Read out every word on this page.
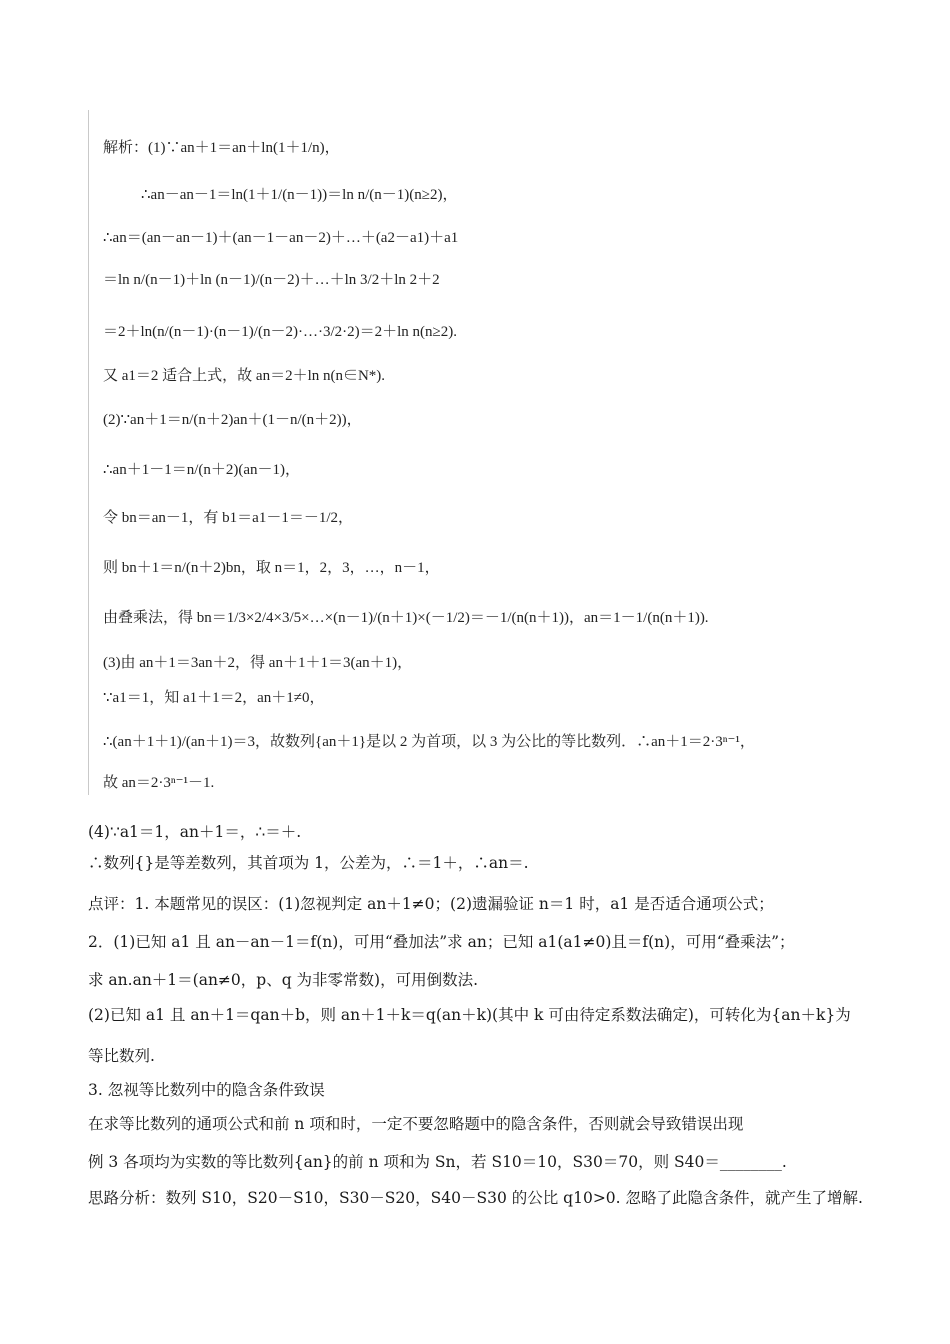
解析：(1)∵an＋1＝an＋ln(1＋1/n)，
∴an－an－1＝ln(1＋1/(n－1))＝ln n/(n－1)(n≥2)，
∴an＝(an－an－1)＋(an－1－an－2)＋…＋(a2－a1)＋a1
＝ln n/(n－1)＋ln (n－1)/(n－2)＋…＋ln 3/2＋ln 2＋2
＝2＋ln(n/(n－1)·(n－1)/(n－2)·…·3/2·2)＝2＋ln n(n≥2).
又 a1＝2 适合上式，故 an＝2＋ln n(n∈N*).
(2)∵an＋1＝n/(n＋2)an＋(1－n/(n＋2))，
∴an＋1－1＝n/(n＋2)(an－1)，
令 bn＝an－1，有 b1＝a1－1＝－1/2，
则 bn＋1＝n/(n＋2)bn，取 n＝1，2，3，…，n－1，
由叠乘法，得 bn＝1/3×2/4×3/5×…×(n－1)/(n＋1)×(－1/2)＝－1/(n(n＋1))，an＝1－1/(n(n＋1)).
(3)由 an＋1＝3an＋2，得 an＋1＋1＝3(an＋1)，
∵a1＝1，知 a1＋1＝2，an＋1≠0，
∴(an＋1＋1)/(an＋1)＝3，故数列{an＋1}是以 2 为首项，以 3 为公比的等比数列．∴an＋1＝2·3ⁿ⁻¹，
故 an＝2·3ⁿ⁻¹－1.
(4)∵a1＝1，an＋1＝，∴＝＋.
∴数列{}是等差数列，其首项为 1，公差为，∴＝1＋，∴an＝.
点评：1. 本题常见的误区：(1)忽视判定 an＋1≠0；(2)遗漏验证 n＝1 时，a1 是否适合通项公式；
2．(1)已知 a1 且 an－an－1＝f(n)，可用“叠加法”求 an；已知 a1(a1≠0)且＝f(n)，可用“叠乘法”；
求 an.an＋1＝(an≠0，p、q 为非零常数)，可用倒数法.
(2)已知 a1 且 an＋1＝qan＋b，则 an＋1＋k＝q(an＋k)(其中 k 可由待定系数法确定)，可转化为{an＋k}为
等比数列.
3. 忽视等比数列中的隐含条件致误
在求等比数列的通项公式和前 n 项和时，一定不要忽略题中的隐含条件，否则就会导致错误出现
例 3 各项均为实数的等比数列{an}的前 n 项和为 Sn，若 S10＝10，S30＝70，则 S40＝________.
思路分析：数列 S10，S20－S10，S30－S20，S40－S30 的公比 q10>0. 忽略了此隐含条件，就产生了增解.
